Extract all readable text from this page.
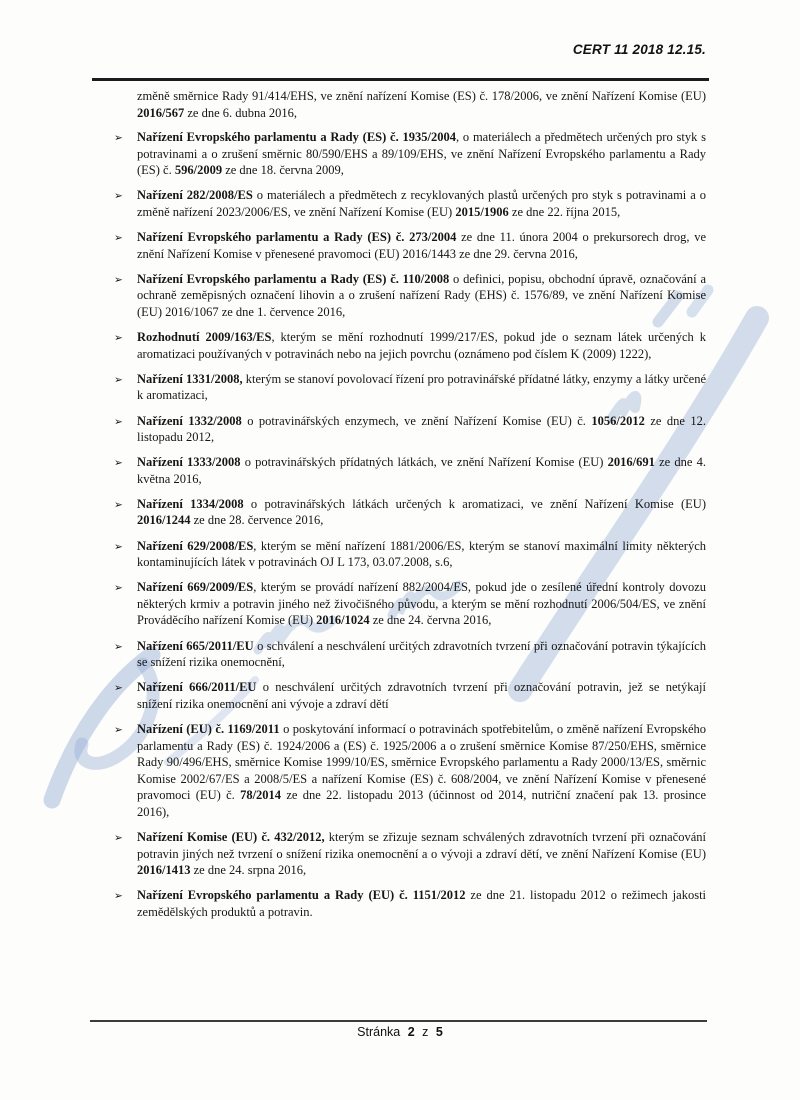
CERT 11 2018 12.15.

změně směrnice Rady 91/414/EHS, ve znění nařízení Komise (ES) č. 178/2006, ve znění Nařízení Komise (EU) 2016/567 ze dne 6. dubna 2016,

➢ Nařízení Evropského parlamentu a Rady (ES) č. 1935/2004, o materiálech a předmětech určených pro styk s potravinami a o zrušení směrnic 80/590/EHS a 89/109/EHS, ve znění Nařízení Evropského parlamentu a Rady (ES) č. 596/2009 ze dne 18. června 2009,
➢ Nařízení 282/2008/ES o materiálech a předmětech z recyklovaných plastů určených pro styk s potravinami a o změně nařízení 2023/2006/ES, ve znění Nařízení Komise (EU) 2015/1906 ze dne 22. října 2015,
➢ Nařízení Evropského parlamentu a Rady (ES) č. 273/2004 ze dne 11. února 2004 o prekursorech drog, ve znění Nařízení Komise v přenesené pravomoci (EU) 2016/1443 ze dne 29. června 2016,
➢ Nařízení Evropského parlamentu a Rady (ES) č. 110/2008 o definici, popisu, obchodní úpravě, označování a ochraně zeměpisných označení lihovin a o zrušení nařízení Rady (EHS) č. 1576/89, ve znění Nařízení Komise (EU) 2016/1067 ze dne 1. července 2016,
➢ Rozhodnutí 2009/163/ES, kterým se mění rozhodnutí 1999/217/ES, pokud jde o seznam látek určených k aromatizaci používaných v potravinách nebo na jejich povrchu (oznámeno pod číslem K (2009) 1222),
➢ Nařízení 1331/2008, kterým se stanoví povolovací řízení pro potravinářské přídatné látky, enzymy a látky určené k aromatizaci,
➢ Nařízení 1332/2008 o potravinářských enzymech, ve znění Nařízení Komise (EU) č. 1056/2012 ze dne 12. listopadu 2012,
➢ Nařízení 1333/2008 o potravinářských přídatných látkách, ve znění Nařízení Komise (EU) 2016/691 ze dne 4. května 2016,
➢ Nařízení 1334/2008 o potravinářských látkách určených k aromatizaci, ve znění Nařízení Komise (EU) 2016/1244 ze dne 28. července 2016,
➢ Nařízení 629/2008/ES, kterým se mění nařízení 1881/2006/ES, kterým se stanoví maximální limity některých kontaminujících látek v potravinách OJ L 173, 03.07.2008, s.6,
➢ Nařízení 669/2009/ES, kterým se provádí nařízení 882/2004/ES, pokud jde o zesílené úřední kontroly dovozu některých krmiv a potravin jiného než živočišného původu, a kterým se mění rozhodnutí 2006/504/ES, ve znění Prováděcího nařízení Komise (EU) 2016/1024 ze dne 24. června 2016,
➢ Nařízení 665/2011/EU o schválení a neschválení určitých zdravotních tvrzení při označování potravin týkajících se snížení rizika onemocnění,
➢ Nařízení 666/2011/EU o neschválení určitých zdravotních tvrzení při označování potravin, jež se netýkají snížení rizika onemocnění ani vývoje a zdraví dětí
➢ Nařízení (EU) č. 1169/2011 o poskytování informací o potravinách spotřebitelům, o změně nařízení Evropského parlamentu a Rady (ES) č. 1924/2006 a (ES) č. 1925/2006 a o zrušení směrnice Komise 87/250/EHS, směrnice Rady 90/496/EHS, směrnice Komise 1999/10/ES, směrnice Evropského parlamentu a Rady 2000/13/ES, směrnic Komise 2002/67/ES a 2008/5/ES a nařízení Komise (ES) č. 608/2004, ve znění Nařízení Komise v přenesené pravomoci (EU) č. 78/2014 ze dne 22. listopadu 2013 (účinnost od 2014, nutriční značení pak 13. prosince 2016),
➢ Nařízení Komise (EU) č. 432/2012, kterým se zřizuje seznam schválených zdravotních tvrzení při označování potravin jiných než tvrzení o snížení rizika onemocnění a o vývoji a zdraví dětí, ve znění Nařízení Komise (EU) 2016/1413 ze dne 24. srpna 2016,
➢ Nařízení Evropského parlamentu a Rady (EU) č. 1151/2012 ze dne 21. listopadu 2012 o režimech jakosti zemědělských produktů a potravin.
Stránka 2 z 5
